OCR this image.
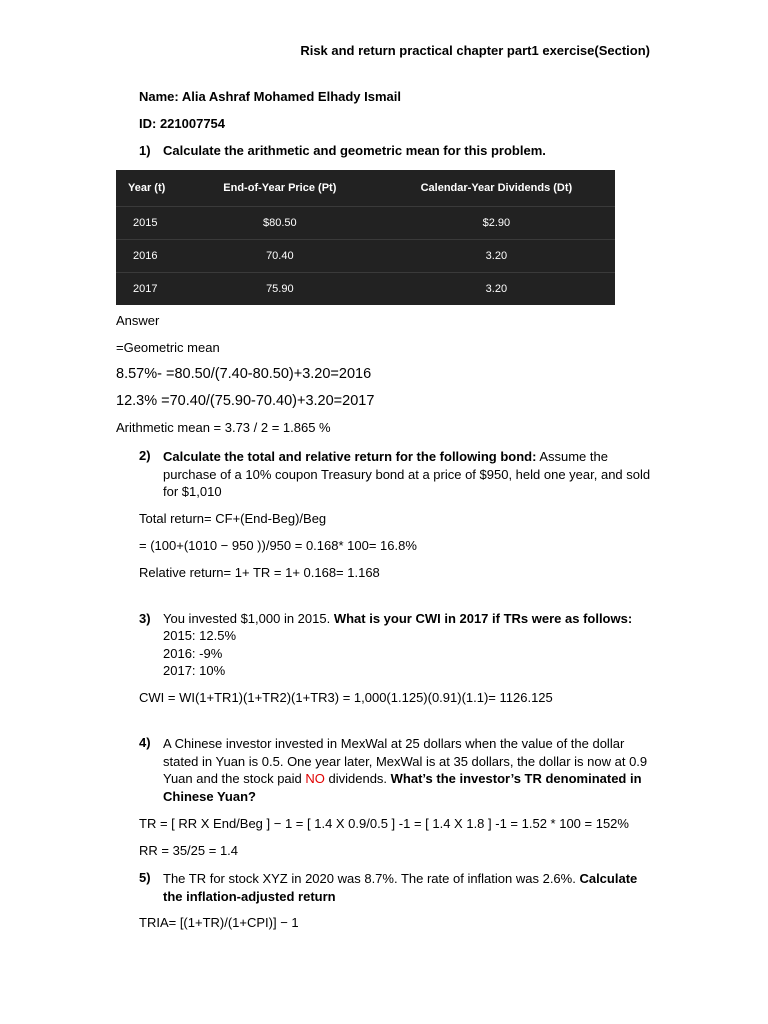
Risk and return practical chapter part1 exercise(Section)
Name: Alia Ashraf Mohamed Elhady Ismail
ID: 221007754
1) Calculate the arithmetic and geometric mean for this problem.
Year (t)	End-of-Year Price (Pt)	Calendar-Year Dividends (Dt)
2015	$80.50	$2.90
2016	70.40	3.20
2017	75.90	3.20
Answer
=Geometric mean
8.57%- =80.50/(7.40-80.50)+3.20=2016
12.3% =70.40/(75.90-70.40)+3.20=2017
Arithmetic mean = 3.73 / 2 = 1.865 %
2) Calculate the total and relative return for the following bond: Assume the purchase of a 10% coupon Treasury bond at a price of $950, held one year, and sold for $1,010
Total return= CF+(End-Beg)/Beg
= (100+(1010 − 950 ))/950 = 0.168* 100= 16.8%
Relative return= 1+ TR = 1+ 0.168= 1.168
3) You invested $1,000 in 2015. What is your CWI in 2017 if TRs were as follows:
2015: 12.5%
2016: -9%
2017: 10%
CWI = WI(1+TR1)(1+TR2)(1+TR3) = 1,000(1.125)(0.91)(1.1)= 1126.125
4) A Chinese investor invested in MexWal at 25 dollars when the value of the dollar stated in Yuan is 0.5. One year later, MexWal is at 35 dollars, the dollar is now at 0.9 Yuan and the stock paid NO dividends. What’s the investor’s TR denominated in Chinese Yuan?
TR = [ RR X End/Beg ] − 1 = [ 1.4 X 0.9/0.5 ] -1 = [ 1.4 X 1.8 ] -1 = 1.52 * 100 = 152%
RR = 35/25 = 1.4
5) The TR for stock XYZ in 2020 was 8.7%. The rate of inflation was 2.6%. Calculate the inflation-adjusted return
TRIA= [(1+TR)/(1+CPI)] − 1
